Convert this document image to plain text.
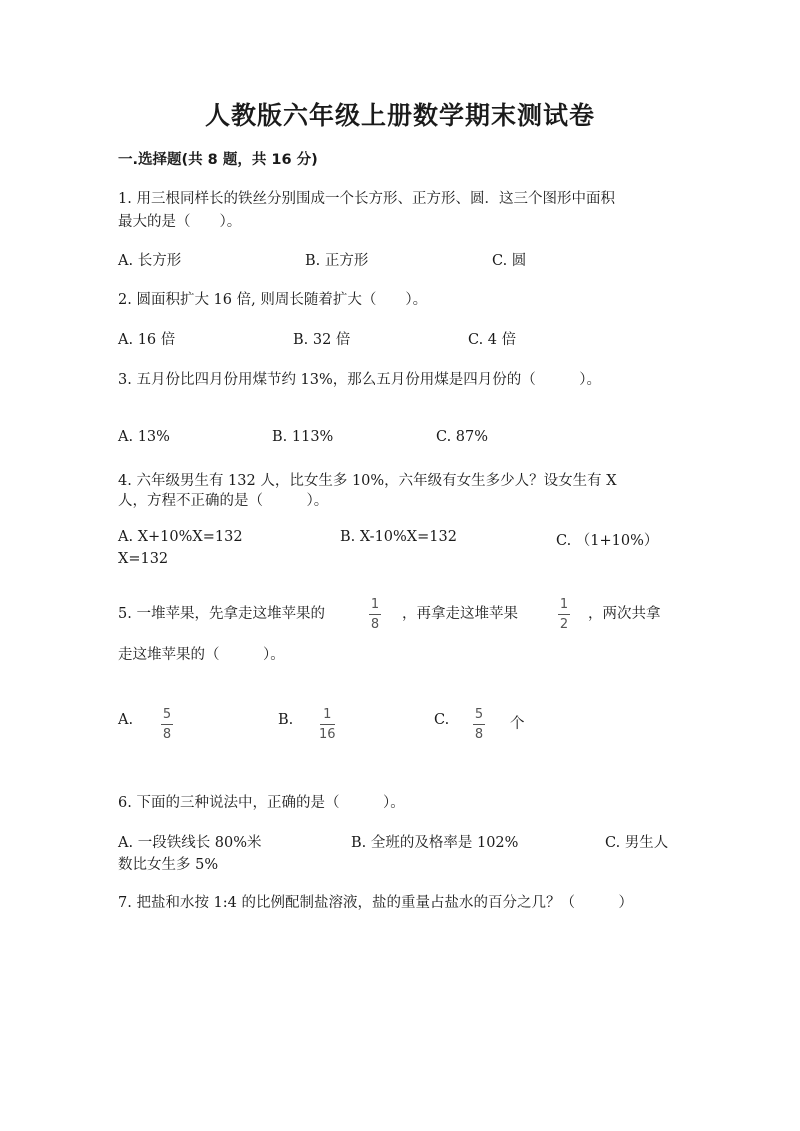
人教版六年级上册数学期末测试卷
一.选择题(共 8 题，共 16 分)
1. 用三根同样长的铁丝分别围成一个长方形、正方形、圆．这三个图形中面积
最大的是（　　）。
A. 长方形	B. 正方形	C. 圆
2. 圆面积扩大 16 倍, 则周长随着扩大（　　）。
A. 16 倍	B. 32 倍	C. 4 倍
3. 五月份比四月份用煤节约 13%，那么五月份用煤是四月份的（　　　）。
A. 13%	B. 113%	C. 87%
4. 六年级男生有 132 人，比女生多 10%，六年级有女生多少人？设女生有 X
人，方程不正确的是（　　　）。
A. X+10%X=132	B. X-10%X=132	C. （1+10%）
X=132
5. 一堆苹果，先拿走这堆苹果的
1
8
，再拿走这堆苹果
1
2
，两次共拿
走这堆苹果的（　　　）。
A. 5
8
B. 1
16
C. 5
8
个
6. 下面的三种说法中，正确的是（　　　）。
A. 一段铁线长 80%米	B. 全班的及格率是 102%	C. 男生人
数比女生多 5%
7. 把盐和水按 1:4 的比例配制盐溶液，盐的重量占盐水的百分之几？（　　　）
